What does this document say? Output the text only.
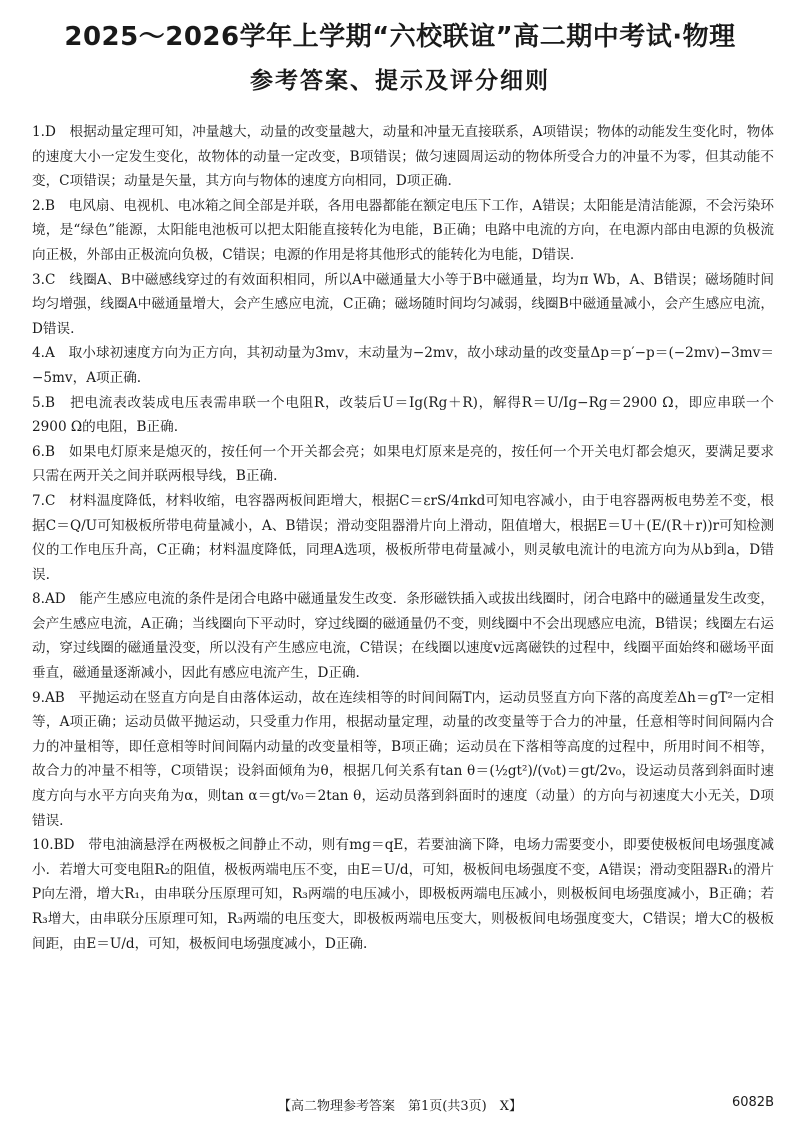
2025～2026学年上学期“六校联谊”高二期中考试·物理
参考答案、提示及评分细则

1.D　 根据动量定理可知，冲量越大，动量的改变量越大，动量和冲量无直接联系，A项错误；物体的动能发生变化时，物体的速度大小一定发生变化，故物体的动量一定改变，B项错误；做匀速圆周运动的物体所受合力的冲量不为零，但其动能不变，C项错误；动量是矢量，其方向与物体的速度方向相同，D项正确.

2.B　 电风扇、电视机、电冰箱之间全部是并联，各用电器都能在额定电压下工作，A错误；太阳能是清洁能源，不会污染环境，是“绿色”能源，太阳能电池板可以把太阳能直接转化为电能，B正确；电路中电流的方向，在电源内部由电源的负极流向正极，外部由正极流向负极，C错误；电源的作用是将其他形式的能转化为电能，D错误.

3.C　 线圈A、B中磁感线穿过的有效面积相同，所以A中磁通量大小等于B中磁通量，均为π Wb，A、B错误；磁场随时间均匀增强，线圈A中磁通量增大，会产生感应电流，C正确；磁场随时间均匀减弱，线圈B中磁通量减小，会产生感应电流，D错误.

4.A　 取小球初速度方向为正方向，其初动量为3mv，末动量为−2mv，故小球动量的改变量Δp＝p′−p＝(−2mv)−3mv＝−5mv，A项正确.

5.B　 把电流表改装成电压表需串联一个电阻R，改装后U＝Ig(Rg＋R)，解得R＝U/Ig−Rg＝2900 Ω，即应串联一个2900 Ω的电阻，B正确.

6.B　 如果电灯原来是熄灭的，按任何一个开关都会亮；如果电灯原来是亮的，按任何一个开关电灯都会熄灭，要满足要求只需在两开关之间并联两根导线，B正确.

7.C　 材料温度降低，材料收缩，电容器两板间距增大，根据C＝εrS/4πkd可知电容减小，由于电容器两板电势差不变，根据C＝Q/U可知极板所带电荷量减小，A、B错误；滑动变阻器滑片向上滑动，阻值增大，根据E＝U＋(E/(R＋r))r可知检测仪的工作电压升高，C正确；材料温度降低，同理A选项，极板所带电荷量减小，则灵敏电流计的电流方向为从b到a，D错误.

8.AD　 能产生感应电流的条件是闭合电路中磁通量发生改变．条形磁铁插入或拔出线圈时，闭合电路中的磁通量发生改变，会产生感应电流，A正确；当线圈向下平动时，穿过线圈的磁通量仍不变，则线圈中不会出现感应电流，B错误；线圈左右运动，穿过线圈的磁通量没变，所以没有产生感应电流，C错误；在线圈以速度v远离磁铁的过程中，线圈平面始终和磁场平面垂直，磁通量逐渐减小，因此有感应电流产生，D正确.

9.AB　 平抛运动在竖直方向是自由落体运动，故在连续相等的时间间隔T内，运动员竖直方向下落的高度差Δh＝gT²一定相等，A项正确；运动员做平抛运动，只受重力作用，根据动量定理，动量的改变量等于合力的冲量，任意相等时间间隔内合力的冲量相等，即任意相等时间间隔内动量的改变量相等，B项正确；运动员在下落相等高度的过程中，所用时间不相等，故合力的冲量不相等，C项错误；设斜面倾角为θ，根据几何关系有tan θ＝(½gt²)/(v₀t)＝gt/2v₀，设运动员落到斜面时速度方向与水平方向夹角为α，则tan α＝gt/v₀＝2tan θ，运动员落到斜面时的速度（动量）的方向与初速度大小无关，D项错误.

10.BD　 带电油滴悬浮在两极板之间静止不动，则有mg＝qE，若要油滴下降，电场力需要变小，即要使极板间电场强度减小．若增大可变电阻R₂的阻值，极板两端电压不变，由E＝U/d，可知，极板间电场强度不变，A错误；滑动变阻器R₁的滑片P向左滑，增大R₁，由串联分压原理可知，R₃两端的电压减小，即极板两端电压减小，则极板间电场强度减小，B正确；若R₃增大，由串联分压原理可知，R₃两端的电压变大，即极板两端电压变大，则极板间电场强度变大，C错误；增大C的极板间距，由E＝U/d，可知，极板间电场强度减小，D正确.

【高二物理参考答案　第1页(共3页)　X】	6082B
